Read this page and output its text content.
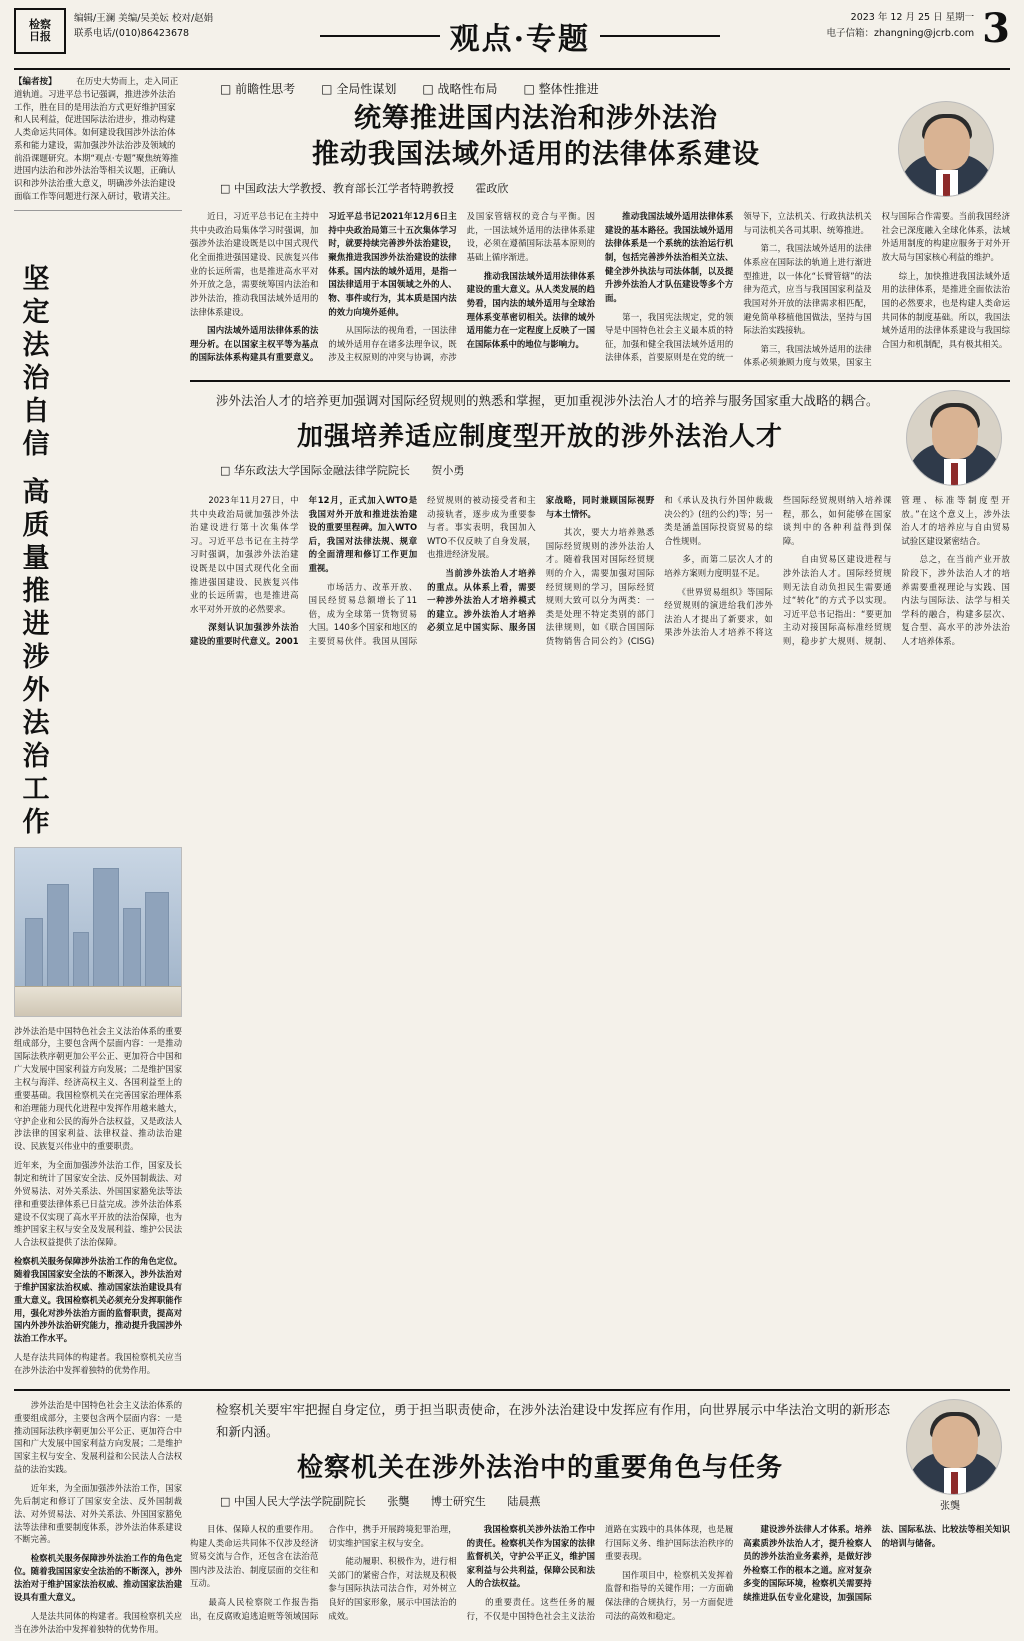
检察
日报
编辑/王澜 美编/吴美妘 校对/赵娟
联系电话/(010)86423678	观点·专题
2023 年 12 月 25 日 星期一
电子信箱：zhangning@jcrb.com 3
【编者按】 　　在历史大势而上，走入同正道轨道。习进平总书记强调，推进涉外法治工作，胜在目的是用法治方式更好维护国家和人民利益，促进国际法治进步，推动构建人类命运共同体。如何建设我国涉外法治体系和能力建设，需加强涉外法治涉及领域的前沿课题研究。本期“观点·专题”聚焦统筹推进国内法治和涉外法治等相关议题，正确认识和涉外法治重大意义，明确涉外法治建设面临工作等问题进行深入研讨，敬请关注。
坚定法治自信 高质量推进涉外法治工作

涉外法治是中国特色社会主义法治体系的重要组成部分，主要包含两个层面内容：一是推动国际法秩序朝更加公平公正、更加符合中国和广大发展中国家利益方向发展；二是维护国家主权与海洋、经济高权主义、各国利益至上的重要基础。我国检察机关在完善国家治理体系和治理能力现代化进程中发挥作用越来越大，守护企业和公民的海外合法权益，又是政法人涉法律的国家利益、法律权益、推动法治建设、民族复兴伟业中的重要职责。

近年来，为全面加强涉外法治工作，国家及长制定和统计了国家安全法、反外国制裁法、对外贸易法、对外关系法、外国国家豁免法等法律和重要法律体系已日益完成。涉外法治体系建设不仅实现了高水平开放的法治保障，也为维护国家主权与安全及发展利益、维护公民法人合法权益提供了法治保障。

检察机关服务保障涉外法治工作的角色定位。随着我国国家安全法的不断深入，涉外法治对于维护国家法治权威、推动国家法治建设具有重大意义。我国检察机关必须充分发挥职能作用，强化对涉外法治方面的监督职责，提高对国内外涉外法治研究能力，推动提升我国涉外法治工作水平。

人是存法共同体的构建者。我国检察机关应当在涉外法治中发挥着独特的优势作用。

□ 前瞻性思考	□ 全局性谋划	□ 战略性布局	□ 整体性推进
统筹推进国内法治和涉外法治
推动我国法域外适用的法律体系建设
□ 中国政法大学教授、教育部长江学者特聘教授 霍政欣

　　近日，习近平总书记在主持中共中央政治局集体学习时强调，加强涉外法治建设既是以中国式现代化全面推进强国建设、民族复兴伟业的长远所需，也是推进高水平对外开放之急，需要统筹国内法治和涉外法治，推动我国法域外适用的法律体系建设。

　　国内法域外适用法律体系的法理分析。在以国家主权平等为基点的国际法体系构建具有重要意义。习近平总书记2021年12月6日主持中央政治局第三十五次集体学习时，就要持续完善涉外法治建设，聚焦推进我国涉外法治建设的法律体系。国内法的域外适用，是指一国法律适用于本国领域之外的人、物、事件或行为，其本质是国内法的效力向境外延伸。

　　从国际法的视角看，一国法律的域外适用存在诸多法理争议，既涉及主权原则的冲突与协调，亦涉及国家管辖权的竞合与平衡。因此，一国法域外适用的法律体系建设，必须在遵循国际法基本原则的基础上循序渐进。

　　推动我国法域外适用法律体系建设的重大意义。从人类发展的趋势看，国内法的域外适用与全球治理体系变革密切相关。法律的域外适用能力在一定程度上反映了一国在国际体系中的地位与影响力。

　　推动我国法域外适用法律体系建设的基本路径。我国法域外适用法律体系是一个系统的法治运行机制，包括完善涉外法治相关立法、健全涉外执法与司法体制，以及提升涉外法治人才队伍建设等多个方面。

　　第一，我国宪法规定，党的领导是中国特色社会主义最本质的特征，加强和健全我国法域外适用的法律体系，首要原则是在党的统一领导下，立法机关、行政执法机关与司法机关各司其职、统筹推进。

　　第二，我国法域外适用的法律体系应在国际法的轨道上进行渐进型推进，以一体化“长臂管辖”的法律为范式，应当与我国国家利益及我国对外开放的法律需求相匹配，避免简单移植他国做法，坚持与国际法治实践接轨。

　　第三，我国法域外适用的法律体系必须兼顾力度与效果，国家主权与国际合作需要。当前我国经济社会已深度融入全球化体系，法域外适用制度的构建应服务于对外开放大局与国家核心利益的维护。

　　综上，加快推进我国法域外适用的法律体系，是推进全面依法治国的必然要求，也是构建人类命运共同体的制度基础。所以，我国法域外适用的法律体系建设与我国综合国力和机制配，具有极其相关。

涉外法治人才的培养更加强调对国际经贸规则的熟悉和掌握，更加重视涉外法治人才的培养与服务国家重大战略的耦合。
加强培养适应制度型开放的涉外法治人才
□ 华东政法大学国际金融法律学院院长 贺小勇

　　2023年11月27日，中共中央政治局就加强涉外法治建设进行第十次集体学习。习近平总书记在主持学习时强调，加强涉外法治建设既是以中国式现代化全面推进强国建设、民族复兴伟业的长远所需，也是推进高水平对外开放的必然要求。

　　深刻认识加强涉外法治建设的重要时代意义。2001年12月，正式加入WTO是我国对外开放和推进法治建设的重要里程碑。加入WTO后，我国对法律法规、规章的全面清理和修订工作更加重视。

　　市场活力、改革开放、国民经贸易总额增长了11倍，成为全球第一货物贸易大国。140多个国家和地区的主要贸易伙伴。我国从国际经贸规则的被动接受者和主动接轨者，逐步成为重要参与者。事实表明，我国加入WTO不仅反映了自身发展，也推进经济发展。

　　当前涉外法治人才培养的重点。从体系上看，需要一种涉外法治人才培养模式的建立。涉外法治人才培养必须立足中国实际、服务国家战略，同时兼顾国际视野与本土情怀。

　　其次，要大力培养熟悉国际经贸规则的涉外法治人才。随着我国对国际经贸规则的介入，需要加强对国际经贸规则的学习，国际经贸规则大致可以分为两类：一类是处理不特定类别的部门法律规则，如《联合国国际货物销售合同公约》(CISG)和《承认及执行外国仲裁裁决公约》(纽约公约)等；另一类是涵盖国际投资贸易的综合性规则。

　　多，而第二层次人才的培养方案则力度明显不足。

　　《世界贸易组织》等国际经贸规则的演进给我们涉外法治人才提出了新要求，如果涉外法治人才培养不将这些国际经贸规则纳入培养课程，那么，如何能够在国家谈判中的各种利益得到保障。

　　自由贸易区建设进程与涉外法治人才。国际经贸规则无法自动负担民生需要通过“转化”的方式予以实现。习近平总书记指出：“要更加主动对接国际高标准经贸规则，稳步扩大规则、规制、管理、标准等制度型开放。”在这个意义上，涉外法治人才的培养应与自由贸易试验区建设紧密结合。

　　总之，在当前产业开放阶段下，涉外法治人才的培养需要重视理论与实践、国内法与国际法、法学与相关学科的融合，构建多层次、复合型、高水平的涉外法治人才培养体系。

　　涉外法治是中国特色社会主义法治体系的重要组成部分，主要包含两个层面内容：一是推动国际法秩序朝更加公平公正、更加符合中国和广大发展中国家利益方向发展；二是维护国家主权与安全、发展利益和公民法人合法权益的法治实践。

　　近年来，为全面加强涉外法治工作，国家先后制定和修订了国家安全法、反外国制裁法、对外贸易法、对外关系法、外国国家豁免法等法律和重要制度体系，涉外法治体系建设不断完善。

　　检察机关服务保障涉外法治工作的角色定位。随着我国国家安全法治的不断深入，涉外法治对于维护国家法治权威、推动国家法治建设具有重大意义。

　　人是法共同体的构建者。我国检察机关应当在涉外法治中发挥着独特的优势作用。

检察机关要牢牢把握自身定位，勇于担当职责使命，在涉外法治建设中发挥应有作用，向世界展示中华法治文明的新形态和新内涵。
检察机关在涉外法治中的重要角色与任务
□ 中国人民大学法学院副院长 张龑 博士研究生 陆晨燕	张龑

　　目体、保障人权的重要作用。构建人类命运共同体不仅涉及经济贸易交流与合作，还包含在法治范围内涉及法治、制度层面的交往和互动。

　　最高人民检察院工作报告指出，在反腐败追逃追赃等领域国际合作中，携手开展跨境犯罪治理，切实维护国家主权与安全。

　　能动履职、积极作为，进行相关部门的紧密合作，对法规及积极参与国际执法司法合作，对外树立良好的国家形象，展示中国法治的成效。

　　我国检察机关涉外法治工作中的责任。检察机关作为国家的法律监督机关，守护公平正义，维护国家利益与公共利益，保障公民和法人的合法权益。

　　的重要责任。这些任务的履行，不仅是中国特色社会主义法治道路在实践中的具体体现，也是履行国际义务、维护国际法治秩序的重要表现。

　　国作项目中，检察机关发挥着监督和指导的关键作用；一方面确保法律的合规执行，另一方面促进司法的高效和稳定。

　　建设涉外法律人才体系。培养高素质涉外法治人才，提升检察人员的涉外法治业务素养，是做好涉外检察工作的根本之道。应对复杂多变的国际环境，检察机关需要持续推进队伍专业化建设，加强国际法、国际私法、比较法等相关知识的培训与储备。
